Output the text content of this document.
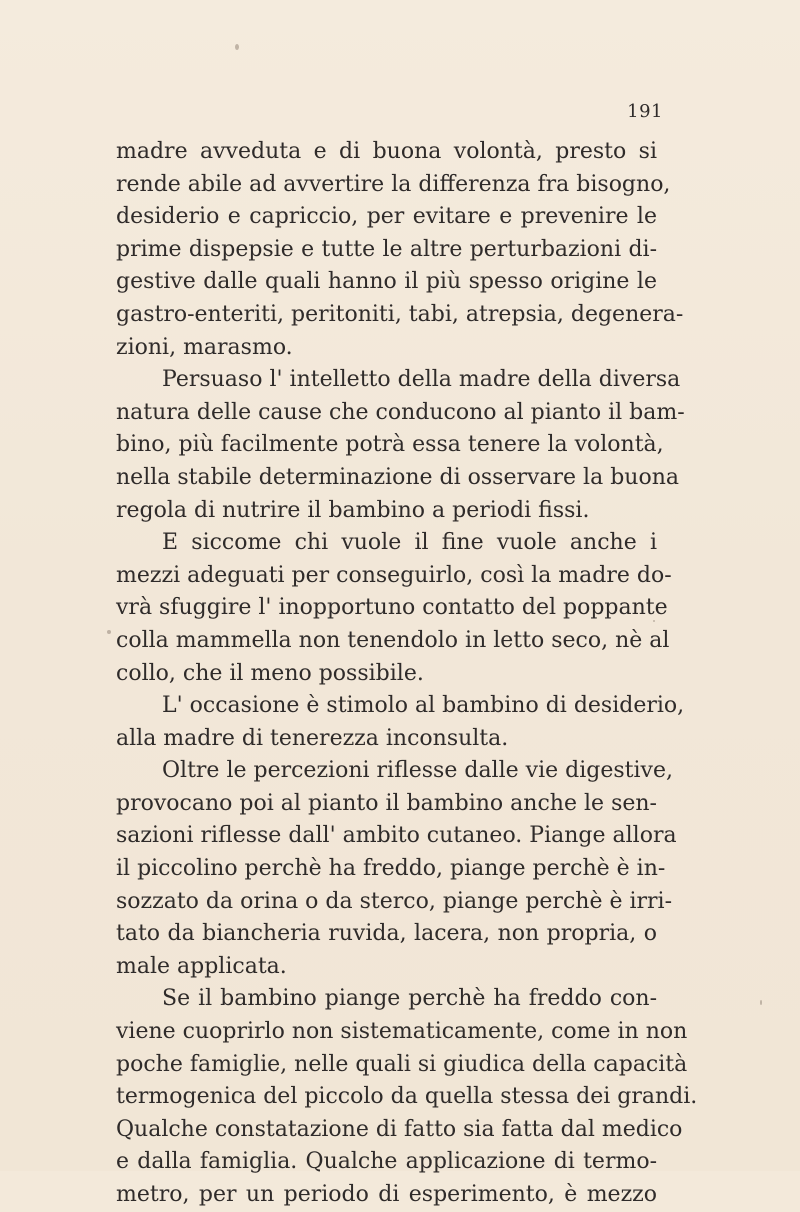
191
madre avveduta e di buona volontà, presto si
rende abile ad avvertire la differenza fra bisogno,
desiderio e capriccio, per evitare e prevenire le
prime dispepsie e tutte le altre perturbazioni di-
gestive dalle quali hanno il più spesso origine le
gastro-enteriti, peritoniti, tabi, atrepsia, degenera-
zioni, marasmo.
Persuaso l' intelletto della madre della diversa
natura delle cause che conducono al pianto il bam-
bino, più facilmente potrà essa tenere la volontà,
nella stabile determinazione di osservare la buona
regola di nutrire il bambino a periodi fissi.
E siccome chi vuole il fine vuole anche i
mezzi adeguati per conseguirlo, così la madre do-
vrà sfuggire l' inopportuno contatto del poppante
colla mammella non tenendolo in letto seco, nè al
collo, che il meno possibile.
L' occasione è stimolo al bambino di desiderio,
alla madre di tenerezza inconsulta.
Oltre le percezioni riflesse dalle vie digestive,
provocano poi al pianto il bambino anche le sen-
sazioni riflesse dall' ambito cutaneo. Piange allora
il piccolino perchè ha freddo, piange perchè è in-
sozzato da orina o da sterco, piange perchè è irri-
tato da biancheria ruvida, lacera, non propria, o
male applicata.
Se il bambino piange perchè ha freddo con-
viene cuoprirlo non sistematicamente, come in non
poche famiglie, nelle quali si giudica della capacità
termogenica del piccolo da quella stessa dei grandi.
Qualche constatazione di fatto sia fatta dal medico
e dalla famiglia. Qualche applicazione di termo-
metro, per un periodo di esperimento, è mezzo
